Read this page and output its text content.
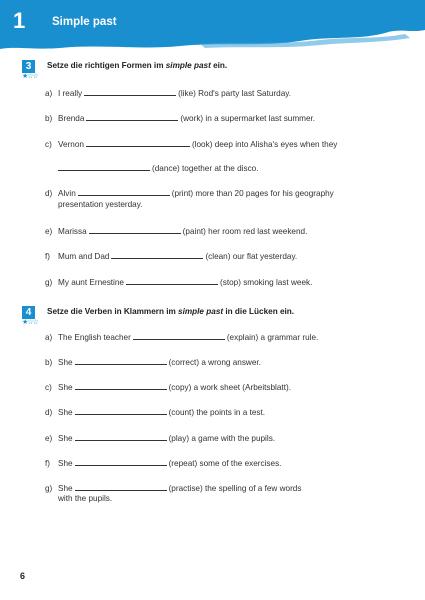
1 Simple past
3
★☆☆
Setze die richtigen Formen im simple past ein.
a) I really	(like) Rod's party last Saturday.
b) Brenda	(work) in a supermarket last summer.
c) Vernon	(look) deep into Alisha's eyes when they
(dance) together at the disco.
d) Alvin	(print) more than 20 pages for his geography
presentation yesterday.
e) Marissa	(paint) her room red last weekend.
f) Mum and Dad	(clean) our flat yesterday.
g) My aunt Ernestine	(stop) smoking last week.
4
★☆☆
Setze die Verben in Klammern im simple past in die Lücken ein.
a) The English teacher	(explain) a grammar rule.
b) She	(correct) a wrong answer.
c) She	(copy) a work sheet (Arbeitsblatt).
d) She	(count) the points in a test.
e) She	(play) a game with the pupils.
f) She	(repeat) some of the exercises.
g) She	(practise) the spelling of a few words
with the pupils.
6
